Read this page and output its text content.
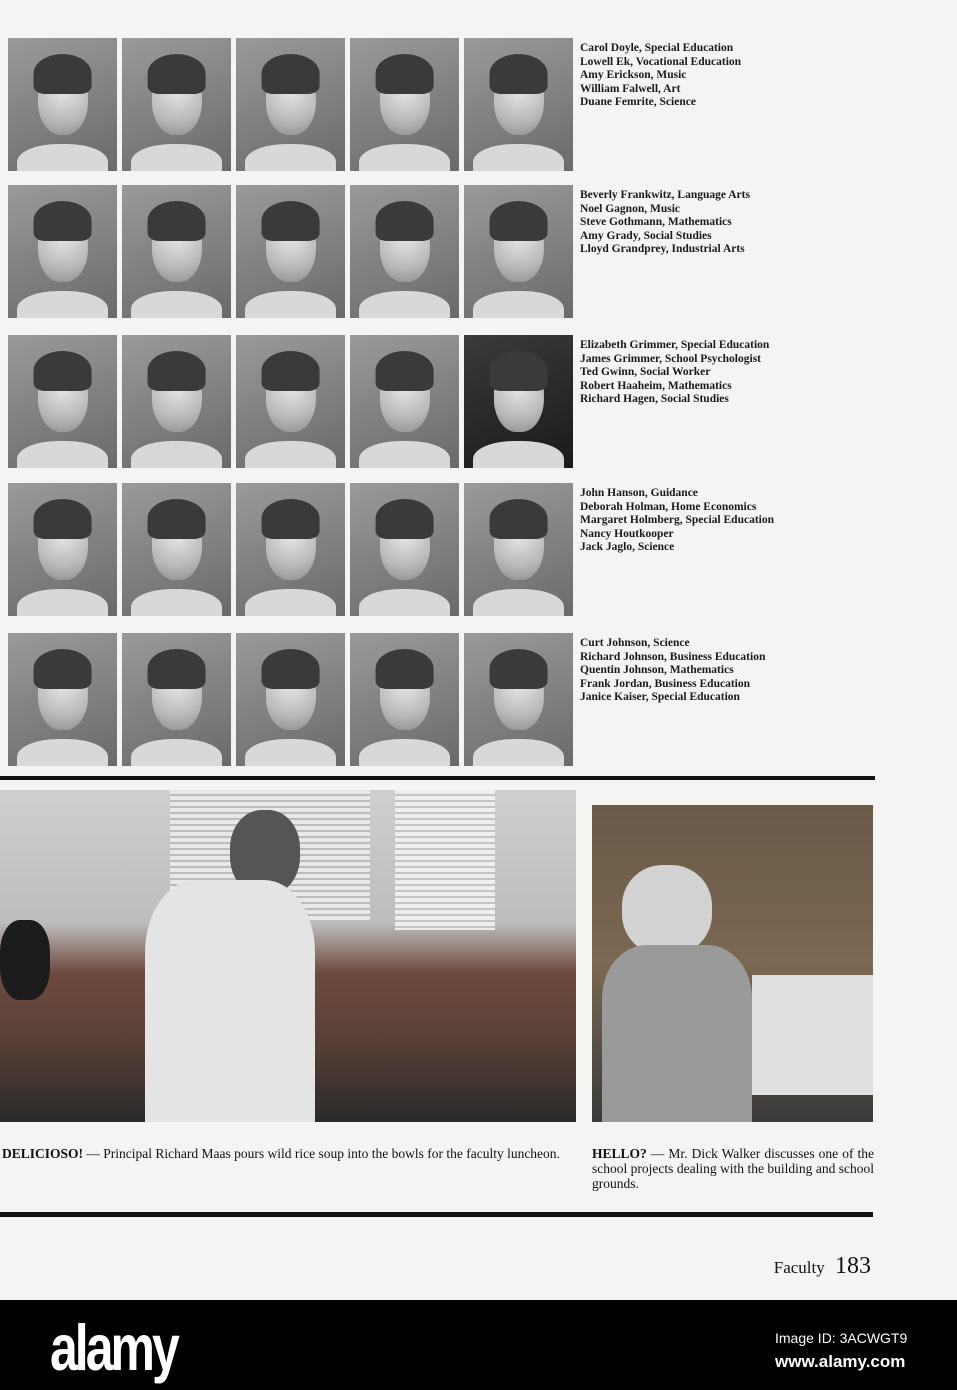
Carol Doyle, Special Education
Lowell Ek, Vocational Education
Amy Erickson, Music
William Falwell, Art
Duane Femrite, Science
Beverly Frankwitz, Language Arts
Noel Gagnon, Music
Steve Gothmann, Mathematics
Amy Grady, Social Studies
Lloyd Grandprey, Industrial Arts
Elizabeth Grimmer, Special Education
James Grimmer, School Psychologist
Ted Gwinn, Social Worker
Robert Haaheim, Mathematics
Richard Hagen, Social Studies
John Hanson, Guidance
Deborah Holman, Home Economics
Margaret Holmberg, Special Education
Nancy Houtkooper
Jack Jaglo, Science
Curt Johnson, Science
Richard Johnson, Business Education
Quentin Johnson, Mathematics
Frank Jordan, Business Education
Janice Kaiser, Special Education
DELICIOSO! — Principal Richard Maas pours wild rice soup into the bowls for the faculty luncheon.	HELLO? — Mr. Dick Walker discusses one of the school projects dealing with the building and school grounds.
Faculty 183
alamy	Image ID: 3ACWGT9
www.alamy.com
